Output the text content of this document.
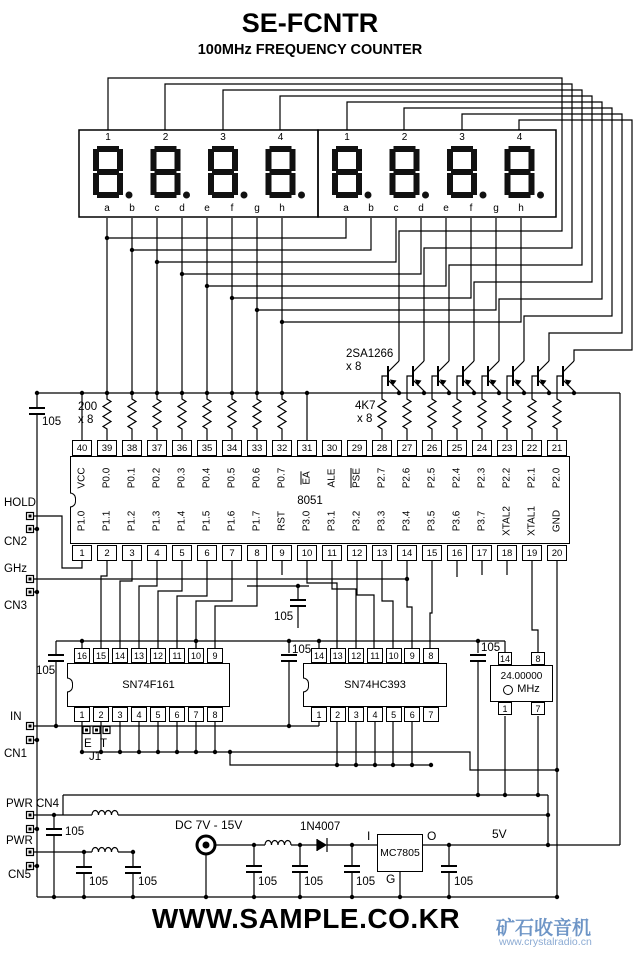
SE-FCNTR
100MHz FREQUENCY COUNTER
1	2	3	4	1	2	3	4
a	b	c	d	e	f	g	h	a	b	c	d	e	f	g	h
8051
40	39	38	37	36	35	34	33	32	31	30	29	28	27	26	25	24	23	22	21
VCC P0.0 P0.1 P0.2 P0.3 P0.4 P0.5 P0.6 P0.7 $\overline{EA}$ ALE $\overline{PSE}$ P2.7 P2.6 P2.5 P2.4 P2.3 P2.2 P2.1 P2.0
P1.0 P1.1 P1.2 P1.3 P1.4 P1.5 P1.6 P1.7 RST P3.0 P3.1 P3.2 P3.3 P3.4 P3.5 P3.6 P3.7 XTAL2 XTAL1 GND
1	2	3	4	5	6	7	8	9	10	11	12	13	14	15	16	17	18	19	20
16 15 14 13 12	11	10	9
SN74F161
1	2	3	4	5	6	7	8
14 13 12 11 10	9	8
SN74HC393
1	2	3	4	5	6	7
14	8
24.00000
MHz
1	7
MC7805
I	O
G
HOLD
CN2
GHz
CN3
IN
CN1
PWR CN4
PWR
CN5
E T
J1
200
x 8
4K7
x 8
2SA1266
x 8
1N4007
DC 7V - 15V
5V
105
105
105
105
105
105 105	105
105
105	105	105
WWW.SAMPLE.CO.KR	矿石收音机
www.crystalradio.cn
